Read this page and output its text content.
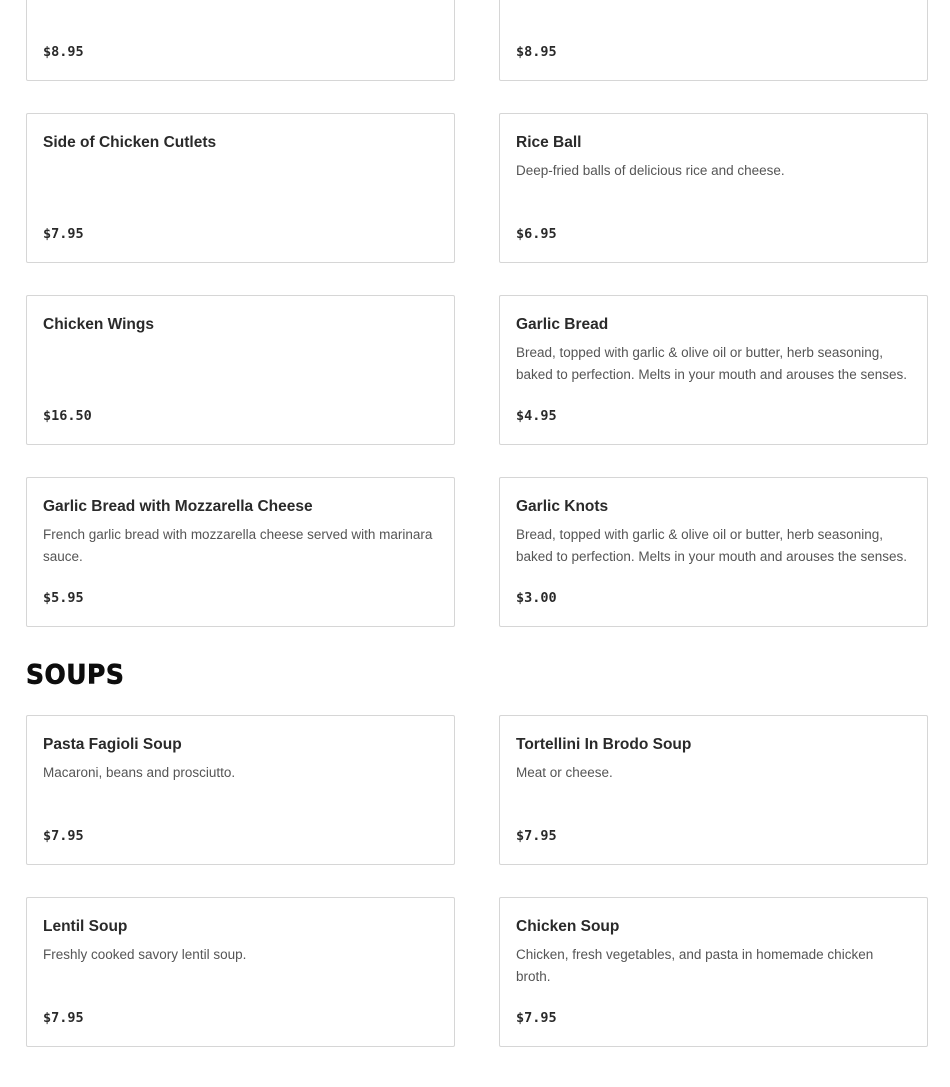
$8.95	$8.95
Side of Chicken Cutlets
$7.95
Rice Ball
Deep-fried balls of delicious rice and cheese.
$6.95
Chicken Wings
$16.50
Garlic Bread
Bread, topped with garlic & olive oil or butter, herb seasoning, baked to perfection. Melts in your mouth and arouses the senses.
$4.95
Garlic Bread with Mozzarella Cheese
French garlic bread with mozzarella cheese served with marinara sauce.
$5.95
Garlic Knots
Bread, topped with garlic & olive oil or butter, herb seasoning, baked to perfection. Melts in your mouth and arouses the senses.
$3.00
SOUPS
Pasta Fagioli Soup
Macaroni, beans and prosciutto.
$7.95
Tortellini In Brodo Soup
Meat or cheese.
$7.95
Lentil Soup
Freshly cooked savory lentil soup.
$7.95
Chicken Soup
Chicken, fresh vegetables, and pasta in homemade chicken broth.
$7.95
